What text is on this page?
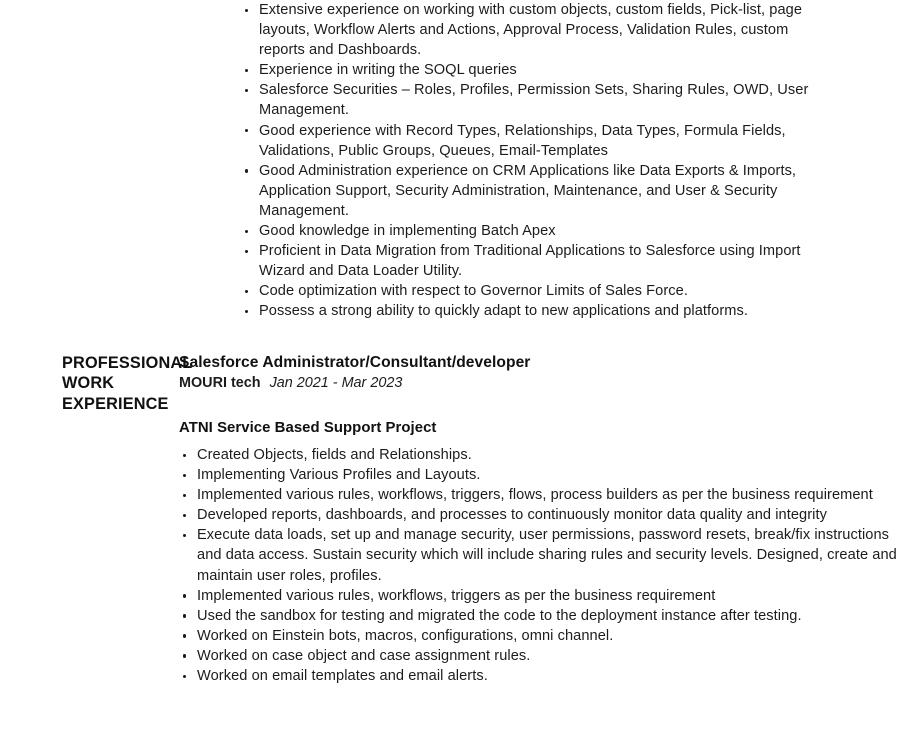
Extensive experience on working with custom objects, custom fields, Pick-list, page layouts, Workflow Alerts and Actions, Approval Process, Validation Rules, custom reports and Dashboards.
Experience in writing the SOQL queries
Salesforce Securities – Roles, Profiles, Permission Sets, Sharing Rules, OWD, User Management.
Good experience with Record Types, Relationships, Data Types, Formula Fields, Validations, Public Groups, Queues, Email-Templates
Good Administration experience on CRM Applications like Data Exports & Imports, Application Support, Security Administration, Maintenance, and User & Security Management.
Good knowledge in implementing Batch Apex
Proficient in Data Migration from Traditional Applications to Salesforce using Import Wizard and Data Loader Utility.
Code optimization with respect to Governor Limits of Sales Force.
Possess a strong ability to quickly adapt to new applications and platforms.
PROFESSIONAL WORK EXPERIENCE
Salesforce Administrator/Consultant/developer
MOURI tech Jan 2021 - Mar 2023
ATNI Service Based Support Project
Created Objects, fields and Relationships.
Implementing Various Profiles and Layouts.
Implemented various rules, workflows, triggers, flows, process builders as per the business requirement
Developed reports, dashboards, and processes to continuously monitor data quality and integrity
Execute data loads, set up and manage security, user permissions, password resets, break/fix instructions and data access. Sustain security which will include sharing rules and security levels. Designed, create and maintain user roles, profiles.
Implemented various rules, workflows, triggers as per the business requirement
Used the sandbox for testing and migrated the code to the deployment instance after testing.
Worked on Einstein bots, macros, configurations, omni channel.
Worked on case object and case assignment rules.
Worked on email templates and email alerts.
